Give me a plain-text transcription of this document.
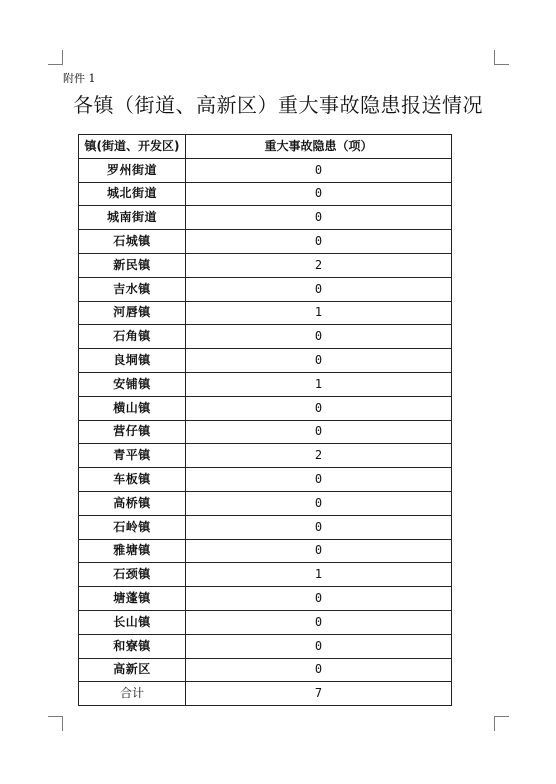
附件 1
各镇（街道、高新区）重大事故隐患报送情况
镇(街道、开发区)	重大事故隐患（项）
罗州街道	0
城北街道	0
城南街道	0
石城镇	0
新民镇	2
吉水镇	0
河唇镇	1
石角镇	0
良垌镇	0
安铺镇	1
横山镇	0
营仔镇	0
青平镇	2
车板镇	0
高桥镇	0
石岭镇	0
雅塘镇	0
石颈镇	1
塘蓬镇	0
长山镇	0
和寮镇	0
高新区	0
合计	7
